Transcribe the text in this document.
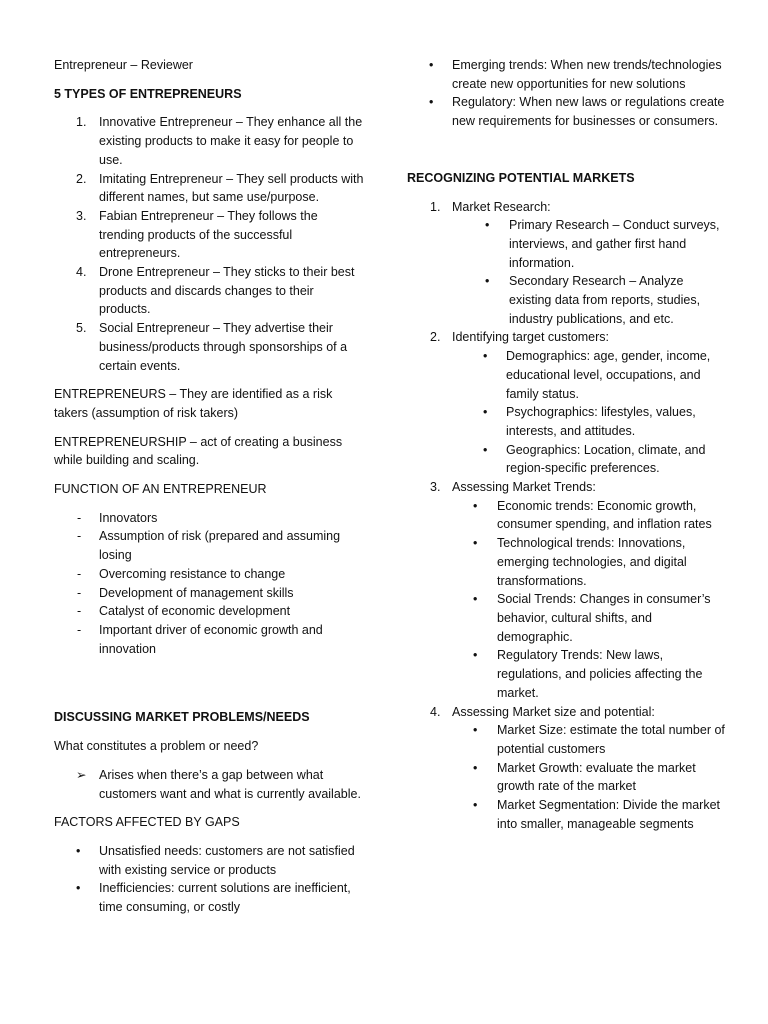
Entrepreneur – Reviewer

5 TYPES OF ENTREPRENEURS

1. Innovative Entrepreneur – They enhance all the existing products to make it easy for people to use.
2. Imitating Entrepreneur – They sell products with different names, but same use/purpose.
3. Fabian Entrepreneur – They follows the trending products of the successful entrepreneurs.
4. Drone Entrepreneur – They sticks to their best products and discards changes to their products.
5. Social Entrepreneur – They advertise their business/products through sponsorships of a certain events.

ENTREPRENEURS – They are identified as a risk takers (assumption of risk takers)

ENTREPRENEURSHIP – act of creating a business while building and scaling.

FUNCTION OF AN ENTREPRENEUR

- Innovators
- Assumption of risk (prepared and assuming losing
- Overcoming resistance to change
- Development of management skills
- Catalyst of economic development
- Important driver of economic growth and innovation

DISCUSSING MARKET PROBLEMS/NEEDS

What constitutes a problem or need?

➢ Arises when there’s a gap between what customers want and what is currently available.

FACTORS AFFECTED BY GAPS

• Unsatisfied needs: customers are not satisfied with existing service or products
• Inefficiencies: current solutions are inefficient, time consuming, or costly
• Emerging trends: When new trends/technologies create new opportunities for new solutions
• Regulatory: When new laws or regulations create new requirements for businesses or consumers.

RECOGNIZING POTENTIAL MARKETS

1. Market Research:
• Primary Research – Conduct surveys, interviews, and gather first hand information.
• Secondary Research – Analyze existing data from reports, studies, industry publications, and etc.
2. Identifying target customers:
• Demographics: age, gender, income, educational level, occupations, and family status.
• Psychographics: lifestyles, values, interests, and attitudes.
• Geographics: Location, climate, and region-specific preferences.
3. Assessing Market Trends:
• Economic trends: Economic growth, consumer spending, and inflation rates
• Technological trends: Innovations, emerging technologies, and digital transformations.
• Social Trends: Changes in consumer’s behavior, cultural shifts, and demographic.
• Regulatory Trends: New laws, regulations, and policies affecting the market.
4. Assessing Market size and potential:
• Market Size: estimate the total number of potential customers
• Market Growth: evaluate the market growth rate of the market
• Market Segmentation: Divide the market into smaller, manageable segments
